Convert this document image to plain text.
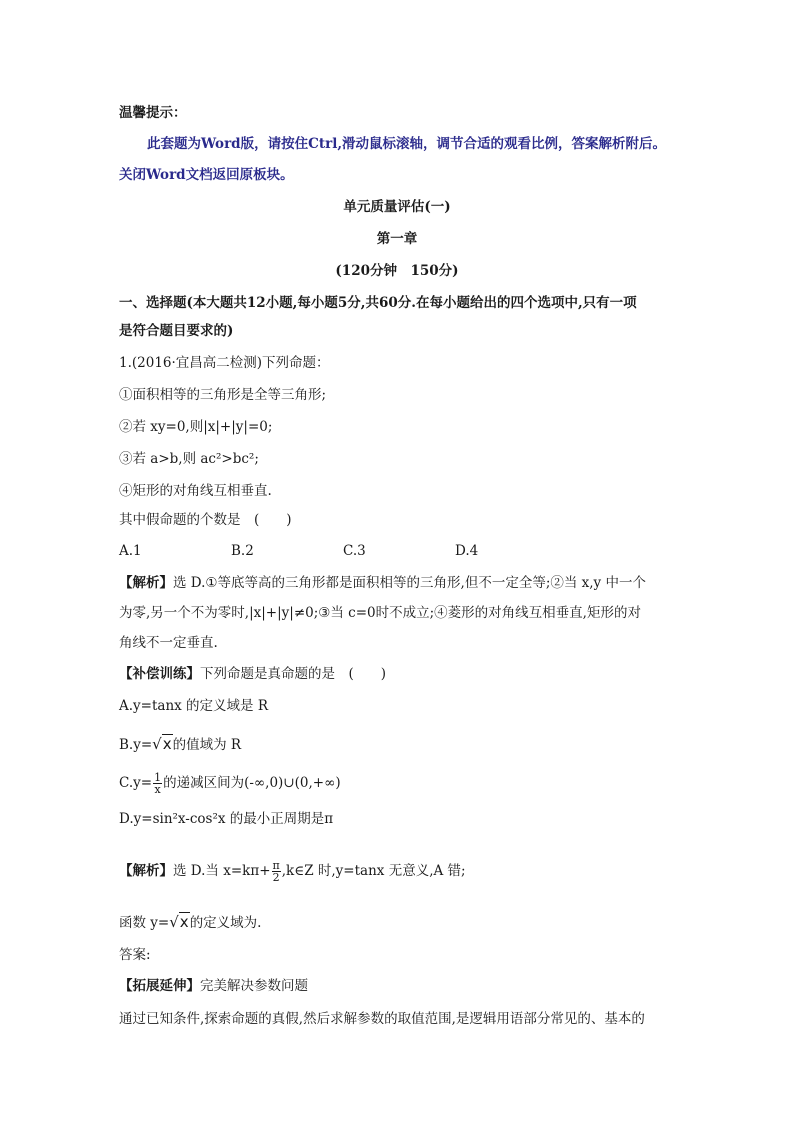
温馨提示：
此套题为Word版，请按住Ctrl,滑动鼠标滚轴，调节合适的观看比例，答案解析附后。
关闭Word文档返回原板块。
单元质量评估(一)
第一章
(120分钟　150分)
一、选择题(本大题共12小题,每小题5分,共60分.在每小题给出的四个选项中,只有一项
是符合题目要求的)
1.(2016·宜昌高二检测)下列命题：
①面积相等的三角形是全等三角形;
②若 xy=0,则|x|+|y|=0;
③若 a>b,则 ac²>bc²;
④矩形的对角线互相垂直.
其中假命题的个数是　(　　)
A.1	B.2	C.3	D.4
【解析】选 D.①等底等高的三角形都是面积相等的三角形,但不一定全等;②当 x,y 中一个
为零,另一个不为零时,|x|+|y|≠0;③当 c=0时不成立;④菱形的对角线互相垂直,矩形的对
角线不一定垂直.
【补偿训练】下列命题是真命题的是　(　　)
A.y=tanx 的定义域是 R
B.y=√x的值域为 R
$C.y= \frac{1}{x}$ 的递减区间为(-∞,0)∪(0,+∞)
D.y=sin²x-cos²x 的最小正周期是π
【解析】选 D.当 $x=k\pi+ \frac{\pi}{2}$ ,k∈Z 时,y=tanx 无意义,A 错;
函数 y=√x的定义域为.
答案:
【拓展延伸】完美解决参数问题
通过已知条件,探索命题的真假,然后求解参数的取值范围,是逻辑用语部分常见的、基本的
